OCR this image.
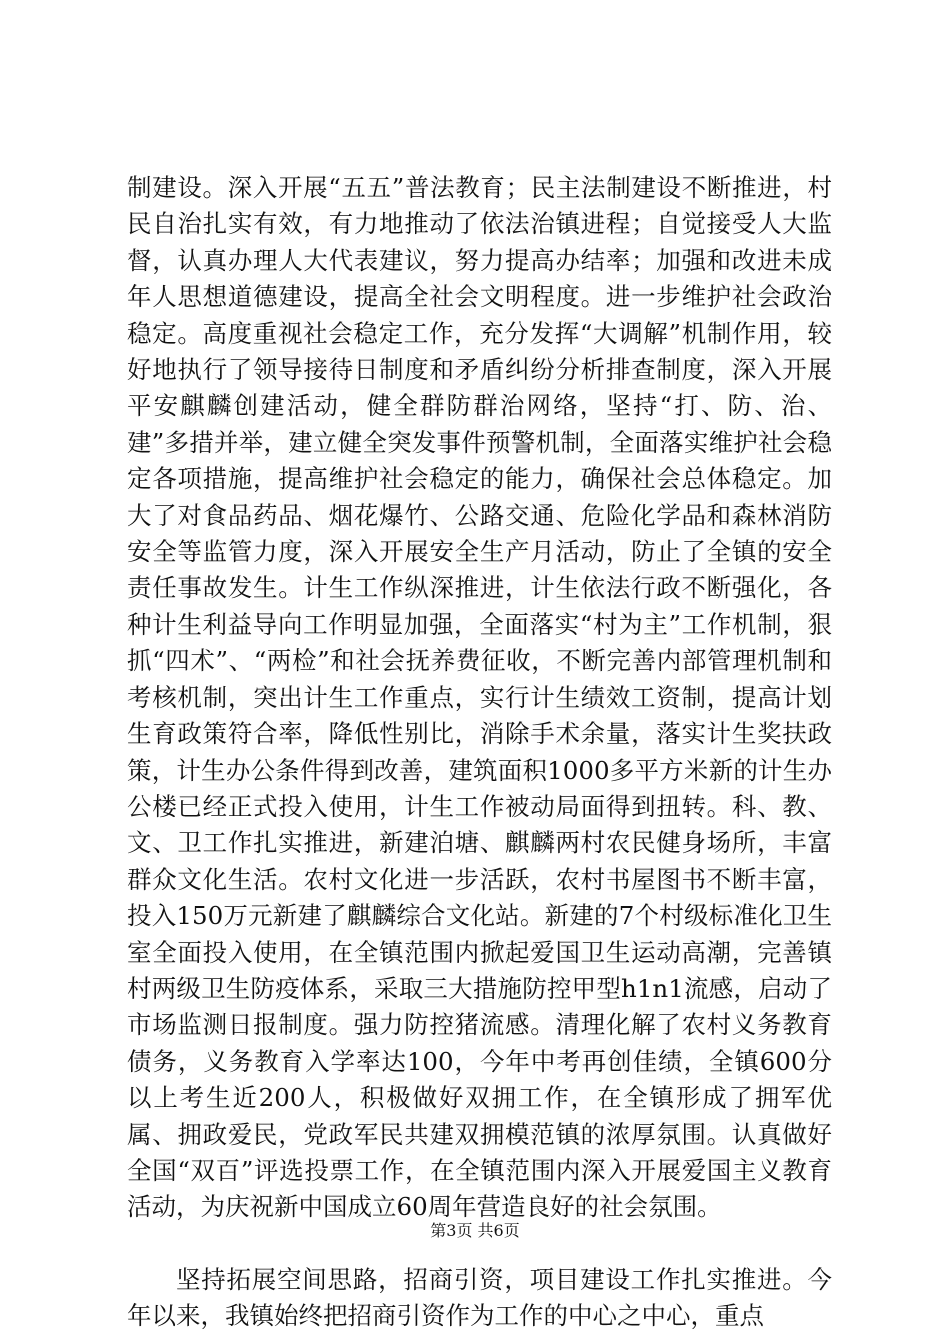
制建设。深入开展“五五”普法教育；民主法制建设不断推进，村民自治扎实有效，有力地推动了依法治镇进程；自觉接受人大监督，认真办理人大代表建议，努力提高办结率；加强和改进未成年人思想道德建设，提高全社会文明程度。进一步维护社会政治稳定。高度重视社会稳定工作，充分发挥“大调解”机制作用，较好地执行了领导接待日制度和矛盾纠纷分析排查制度，深入开展平安麒麟创建活动，健全群防群治网络，坚持“打、防、治、建”多措并举，建立健全突发事件预警机制，全面落实维护社会稳定各项措施，提高维护社会稳定的能力，确保社会总体稳定。加大了对食品药品、烟花爆竹、公路交通、危险化学品和森林消防安全等监管力度，深入开展安全生产月活动，防止了全镇的安全责任事故发生。计生工作纵深推进，计生依法行政不断强化，各种计生利益导向工作明显加强，全面落实“村为主”工作机制，狠抓“四术”、“两检”和社会抚养费征收，不断完善内部管理机制和考核机制，突出计生工作重点，实行计生绩效工资制，提高计划生育政策符合率，降低性别比，消除手术余量，落实计生奖扶政策，计生办公条件得到改善，建筑面积1000多平方米新的计生办公楼已经正式投入使用，计生工作被动局面得到扭转。科、教、文、卫工作扎实推进，新建泊塘、麒麟两村农民健身场所，丰富群众文化生活。农村文化进一步活跃，农村书屋图书不断丰富，投入150万元新建了麒麟综合文化站。新建的7个村级标准化卫生室全面投入使用，在全镇范围内掀起爱国卫生运动高潮，完善镇村两级卫生防疫体系，采取三大措施防控甲型h1n1流感，启动了市场监测日报制度。强力防控猪流感。清理化解了农村义务教育债务，义务教育入学率达100，今年中考再创佳绩，全镇600分以上考生近200人，积极做好双拥工作，在全镇形成了拥军优属、拥政爱民，党政军民共建双拥模范镇的浓厚氛围。认真做好全国“双百”评选投票工作，在全镇范围内深入开展爱国主义教育活动，为庆祝新中国成立60周年营造良好的社会氛围。

坚持拓展空间思路，招商引资，项目建设工作扎实推进。今年以来，我镇始终把招商引资作为工作的中心之中心，重点

第3页 共6页
